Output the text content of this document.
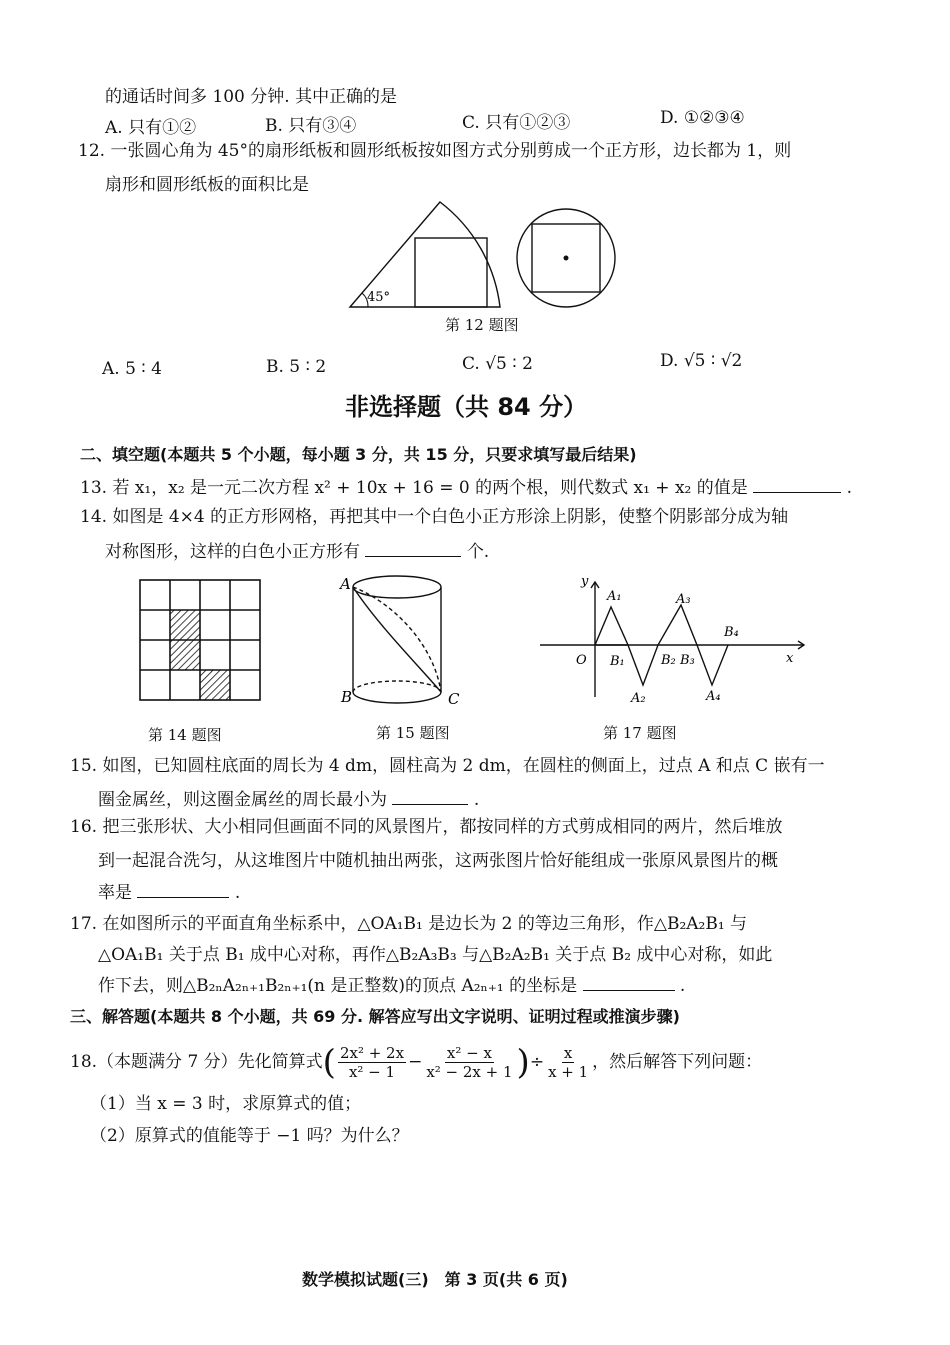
的通话时间多 100 分钟. 其中正确的是
A. 只有①②	B. 只有③④	C. 只有①②③	D. ①②③④
12. 一张圆心角为 45°的扇形纸板和圆形纸板按如图方式分别剪成一个正方形，边长都为 1，则
扇形和圆形纸板的面积比是
45°
第 12 题图
A. 5 ∶ 4	B. 5 ∶ 2	C. √5 ∶ 2	D. √5 ∶ √2
非选择题（共 84 分）
二、填空题(本题共 5 个小题，每小题 3 分，共 15 分，只要求填写最后结果)
13. 若 x₁，x₂ 是一元二次方程 x² + 10x + 16 = 0 的两个根，则代数式 x₁ + x₂ 的值是	.
14. 如图是 4×4 的正方形网格，再把其中一个白色小正方形涂上阴影，使整个阴影部分成为轴
对称图形，这样的白色小正方形有	个.
A
B	C
y
x
O
A₁
B₁
A₂
B₂
A₃
B₃
A₄
B₄
第 14 题图	第 15 题图	第 17 题图
15. 如图，已知圆柱底面的周长为 4 dm，圆柱高为 2 dm，在圆柱的侧面上，过点 A 和点 C 嵌有一
圈金属丝，则这圈金属丝的周长最小为	.
16. 把三张形状、大小相同但画面不同的风景图片，都按同样的方式剪成相同的两片，然后堆放
到一起混合洗匀，从这堆图片中随机抽出两张，这两张图片恰好能组成一张原风景图片的概
率是	.
17. 在如图所示的平面直角坐标系中，△OA₁B₁ 是边长为 2 的等边三角形，作△B₂A₂B₁ 与
△OA₁B₁ 关于点 B₁ 成中心对称，再作△B₂A₃B₃ 与△B₂A₂B₁ 关于点 B₂ 成中心对称，如此
作下去，则△B₂ₙA₂ₙ₊₁B₂ₙ₊₁(n 是正整数)的顶点 A₂ₙ₊₁ 的坐标是	.
三、解答题(本题共 8 个小题，共 69 分. 解答应写出文字说明、证明过程或推演步骤)
18.（本题满分 7 分）先化简算式( $\frac{\text{2x² + 2x}}{\text{x² − 1}} - \frac{\text{x² − x}}{\text{x² − 2x + 1}}$ )÷ $\frac{x}{x + 1}$ ，然后解答下列问题：
（1）当 x = 3 时，求原算式的值；
（2）原算式的值能等于 −1 吗？为什么？
数学模拟试题(三)　第 3 页(共 6 页)
